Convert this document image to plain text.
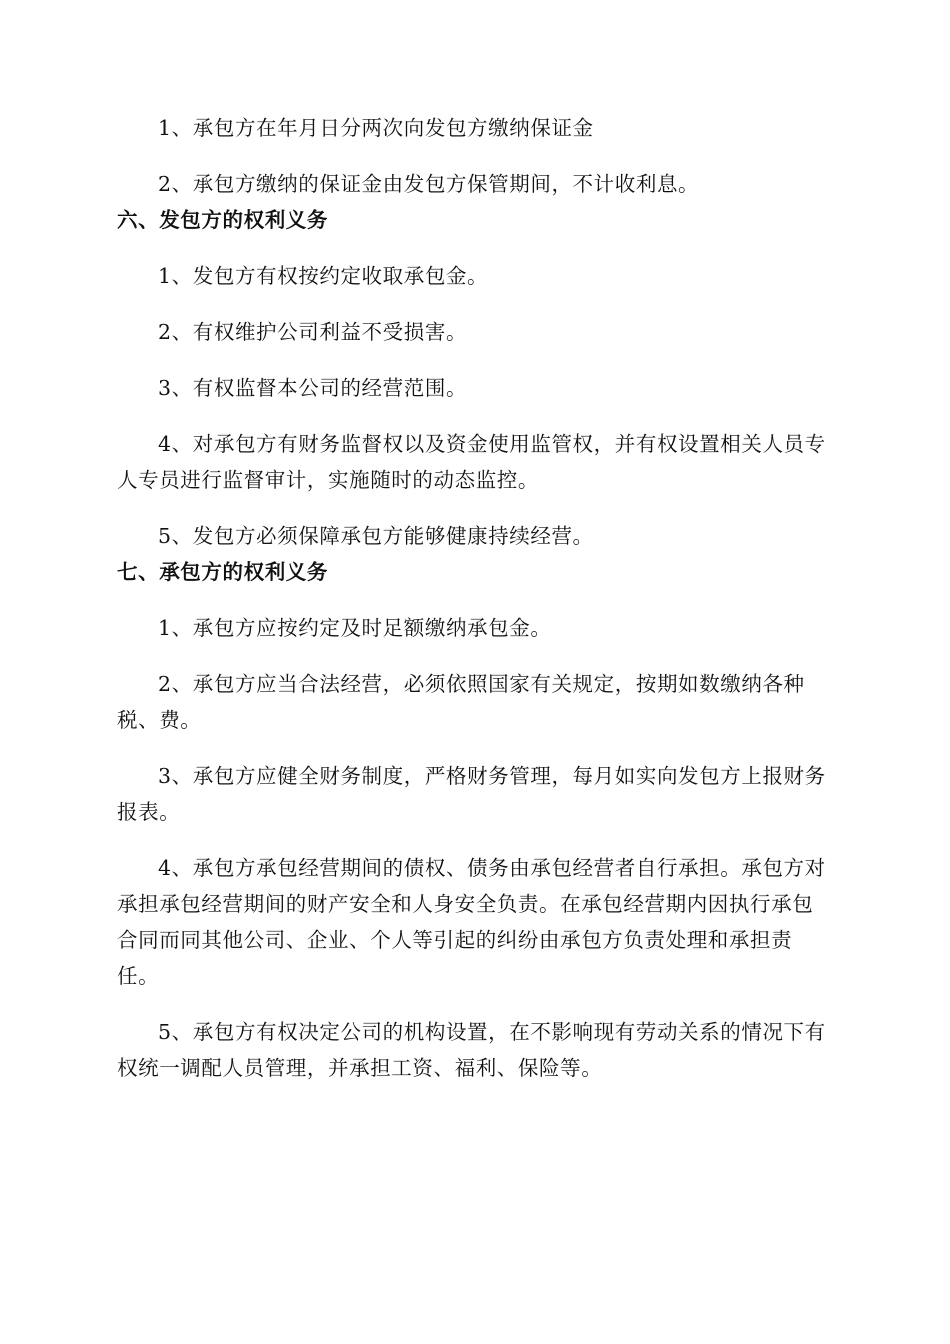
1、承包方在年月日分两次向发包方缴纳保证金

2、承包方缴纳的保证金由发包方保管期间，不计收利息。

六、发包方的权利义务

1、发包方有权按约定收取承包金。

2、有权维护公司利益不受损害。

3、有权监督本公司的经营范围。

4、对承包方有财务监督权以及资金使用监管权，并有权设置相关人员专人专员进行监督审计，实施随时的动态监控。

5、发包方必须保障承包方能够健康持续经营。

七、承包方的权利义务

1、承包方应按约定及时足额缴纳承包金。

2、承包方应当合法经营，必须依照国家有关规定，按期如数缴纳各种税、费。

3、承包方应健全财务制度，严格财务管理，每月如实向发包方上报财务报表。

4、承包方承包经营期间的债权、债务由承包经营者自行承担。承包方对承担承包经营期间的财产安全和人身安全负责。在承包经营期内因执行承包合同而同其他公司、企业、个人等引起的纠纷由承包方负责处理和承担责任。

5、承包方有权决定公司的机构设置，在不影响现有劳动关系的情况下有权统一调配人员管理，并承担工资、福利、保险等。
